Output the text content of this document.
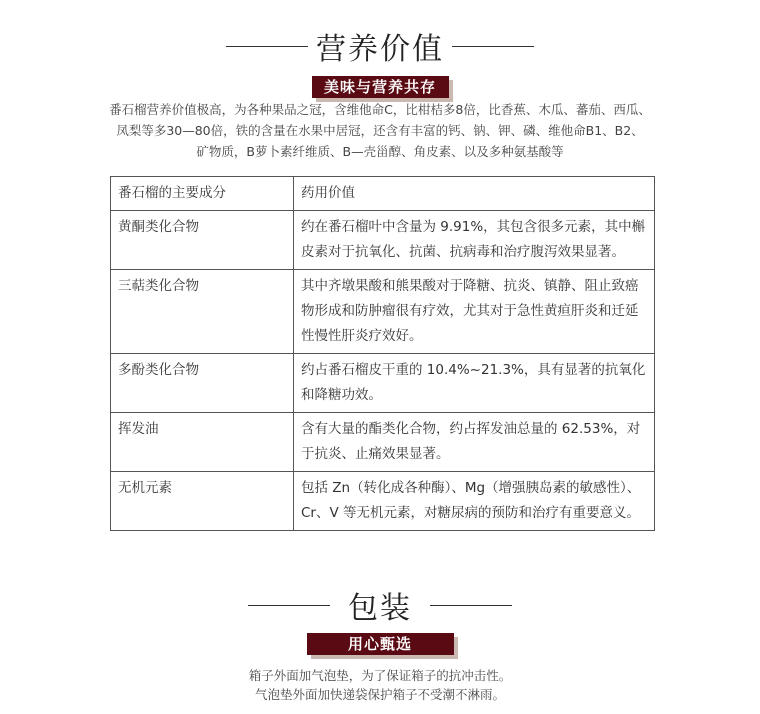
营养价值
美味与营养共存
番石榴营养价值极高，为各种果品之冠，含维他命C，比柑桔多8倍，比香蕉、木瓜、蕃茄、西瓜、
凤梨等多30—80倍，铁的含量在水果中居冠，还含有丰富的钙、钠、钾、磷、维他命B1、B2、
矿物质，B萝卜素纤维质、B—壳甾醇、角皮素、以及多种氨基酸等
番石榴的主要成分	药用价值
黄酮类化合物	约在番石榴叶中含量为 9.91%，其包含很多元素，其中槲皮素对于抗氧化、抗菌、抗病毒和治疗腹泻效果显著。
三萜类化合物	其中齐墩果酸和熊果酸对于降糖、抗炎、镇静、阻止致癌物形成和防肿瘤很有疗效，尤其对于急性黄疸肝炎和迁延性慢性肝炎疗效好。
多酚类化合物	约占番石榴皮干重的 10.4%~21.3%，具有显著的抗氧化和降糖功效。
挥发油	含有大量的酯类化合物，约占挥发油总量的 62.53%，对于抗炎、止痛效果显著。
无机元素	包括 Zn（转化成各种酶）、Mg（增强胰岛素的敏感性）、Cr、V 等无机元素，对糖尿病的预防和治疗有重要意义。
包装
用心甄选
箱子外面加气泡垫，为了保证箱子的抗冲击性。
气泡垫外面加快递袋保护箱子不受潮不淋雨。
